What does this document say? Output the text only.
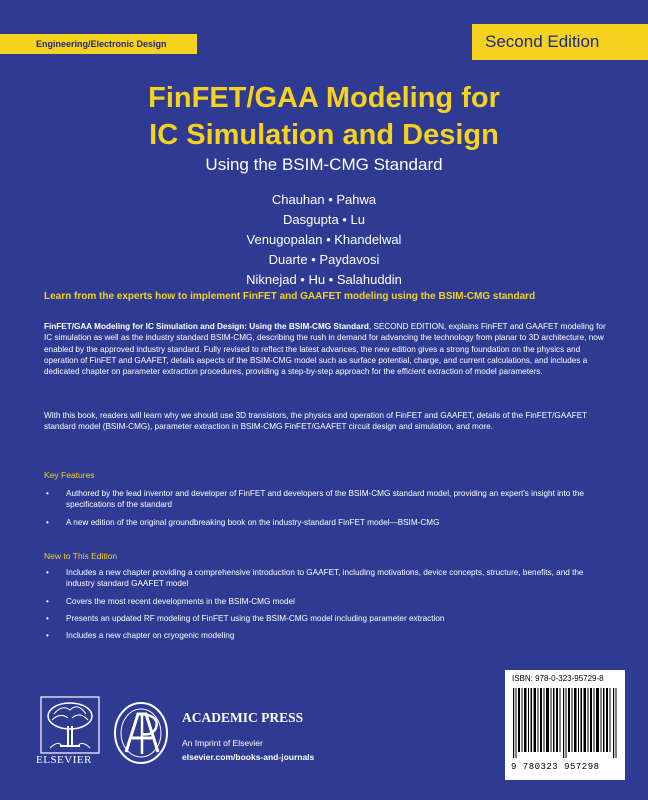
Engineering/Electronic Design	Second Edition
FinFET/GAA Modeling for
IC Simulation and Design
Using the BSIM-CMG Standard
Chauhan • Pahwa
Dasgupta • Lu
Venugopalan • Khandelwal
Duarte • Paydavosi
Niknejad • Hu • Salahuddin
Learn from the experts how to implement FinFET and GAAFET modeling using the BSIM-CMG standard
FinFET/GAA Modeling for IC Simulation and Design: Using the BSIM-CMG Standard, SECOND EDITION, explains FinFET and GAAFET modeling for IC simulation as well as the industry standard BSIM-CMG, describing the rush in demand for advancing the technology from planar to 3D architecture, now enabled by the approved industry standard. Fully revised to reflect the latest advances, the new edition gives a strong foundation on the physics and operation of FinFET and GAAFET, details aspects of the BSIM-CMG model such as surface potential, charge, and current calculations, and includes a dedicated chapter on parameter extraction procedures, providing a step-by-step approach for the efficient extraction of model parameters.
With this book, readers will learn why we should use 3D transistors, the physics and operation of FinFET and GAAFET, details of the FinFET/GAAFET standard model (BSIM-CMG), parameter extraction in BSIM-CMG FinFET/GAAFET circuit design and simulation, and more.
Key Features
• Authored by the lead inventor and developer of FinFET and developers of the BSIM-CMG standard model, providing an expert's insight into the specifications of the standard
• A new edition of the original groundbreaking book on the industry-standard FinFET model—BSIM-CMG
New to This Edition
• Includes a new chapter providing a comprehensive introduction to GAAFET, including motivations, device concepts, structure, benefits, and the industry standard GAAFET model
• Covers the most recent developments in the BSIM-CMG model
• Presents an updated RF modeling of FinFET using the BSIM-CMG model including parameter extraction
• Includes a new chapter on cryogenic modeling
ELSEVIER
ACADEMIC PRESS
An Imprint of Elsevier
elsevier.com/books-and-journals
ISBN: 978-0-323-95729-8
9 780323 957298
